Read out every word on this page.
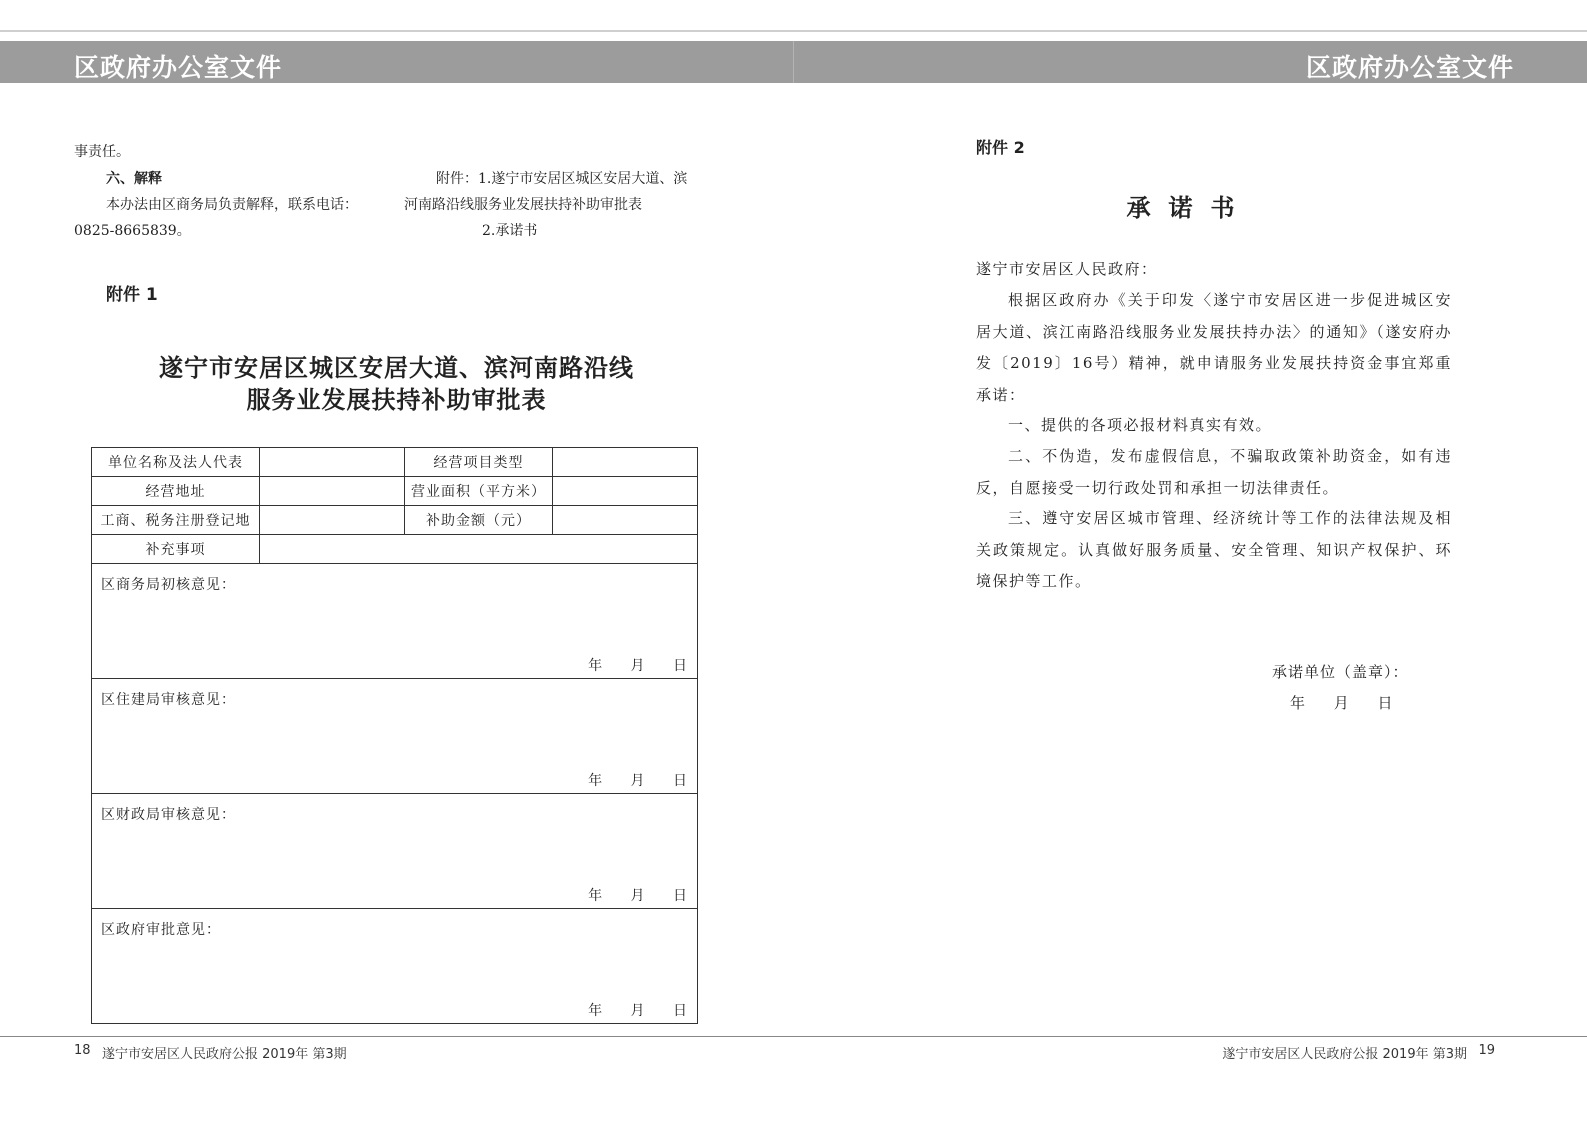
区政府办公室文件	区政府办公室文件
事责任。
六、解释
本办法由区商务局负责解释，联系电话：
0825-8665839。
附件：1.遂宁市安居区城区安居大道、滨
河南路沿线服务业发展扶持补助审批表
2.承诺书
附件 1
遂宁市安居区城区安居大道、滨河南路沿线
服务业发展扶持补助审批表
单位名称及法人代表		经营项目类型	
经营地址		营业面积（平方米）	
工商、税务注册登记地		补助金额（元）	
补充事项			

区商务局初核意见：
年 月 日			

区住建局审核意见：
年 月 日			

区财政局审核意见：
年 月 日			

区政府审批意见：
年 月 日			
附件 2
承诺书
遂宁市安居区人民政府：
根据区政府办《关于印发〈遂宁市安居区进一步促进城区安居大道、滨江南路沿线服务业发展扶持办法〉的通知》（遂安府办发〔2019〕16号）精神，就申请服务业发展扶持资金事宜郑重承诺：
一、提供的各项必报材料真实有效。
二、不伪造，发布虚假信息，不骗取政策补助资金，如有违反，自愿接受一切行政处罚和承担一切法律责任。
三、遵守安居区城市管理、经济统计等工作的法律法规及相关政策规定。认真做好服务质量、安全管理、知识产权保护、环境保护等工作。
承诺单位（盖章）：
年 月 日
18 遂宁市安居区人民政府公报 2019年 第3期	遂宁市安居区人民政府公报 2019年 第3期 19
